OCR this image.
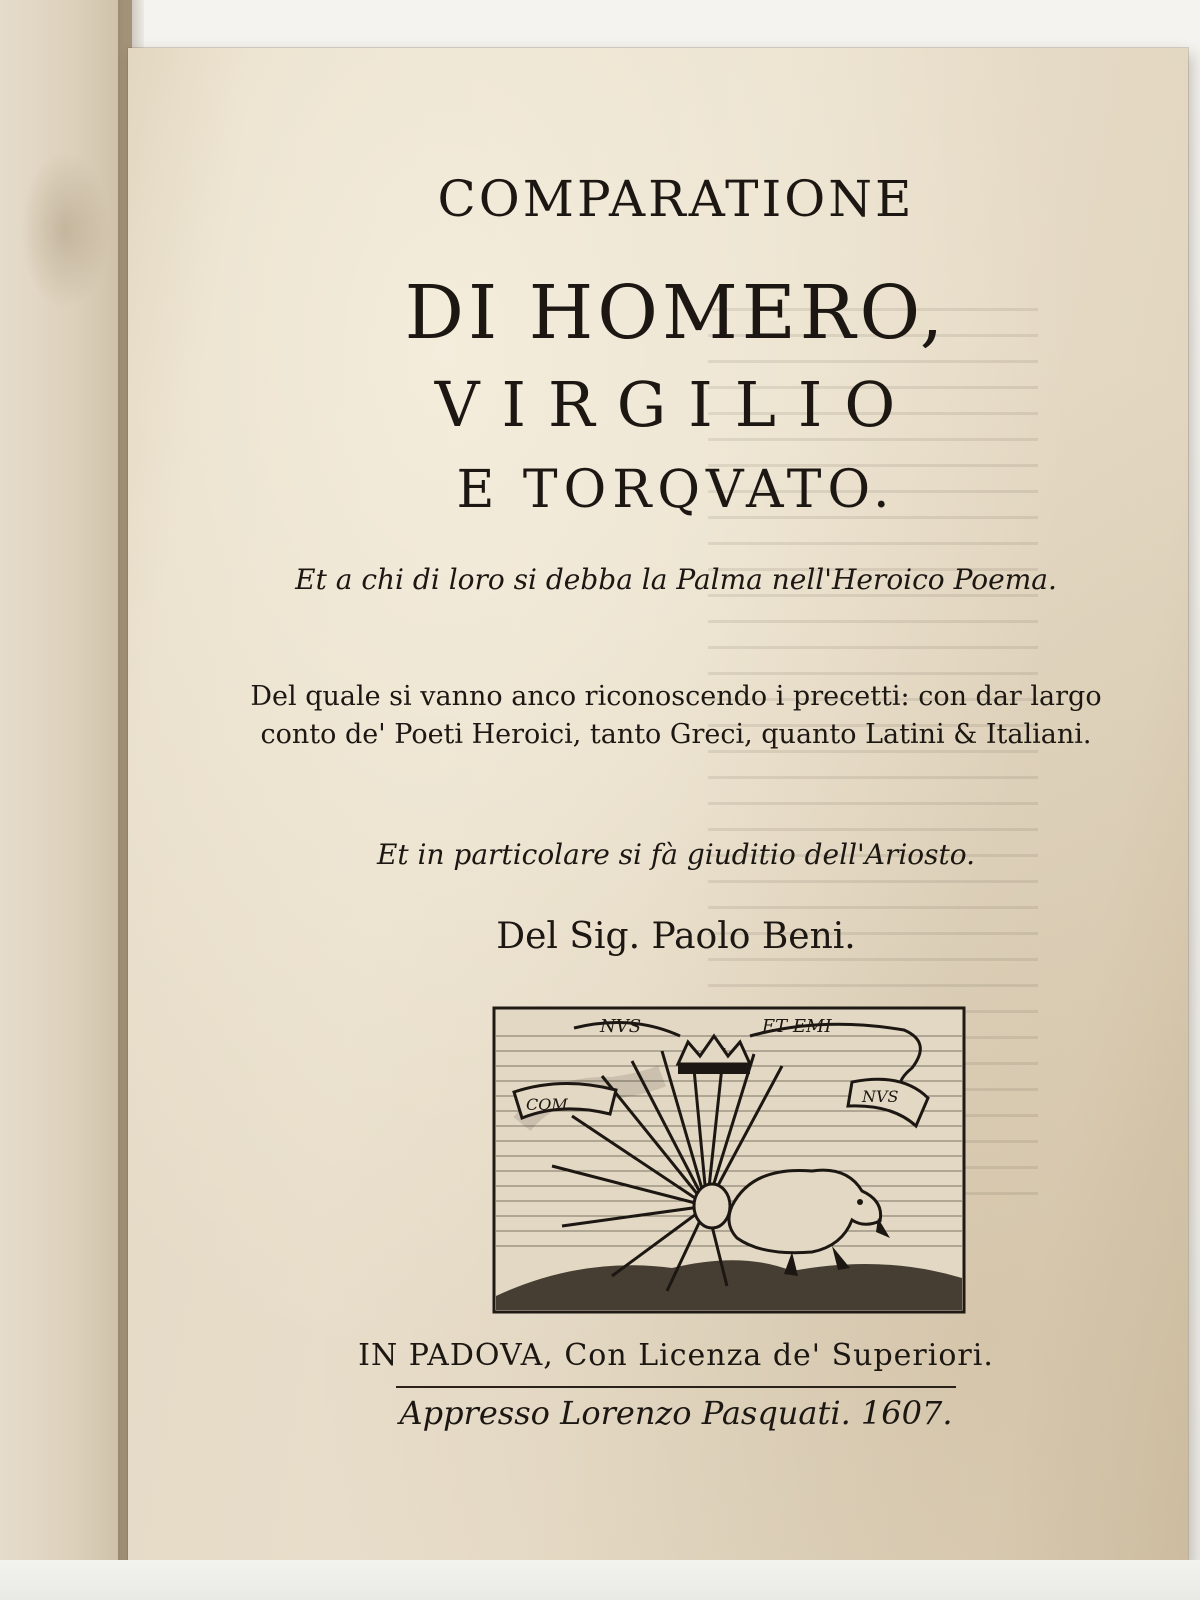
COMPARATIONE
DI HOMERO,
VIRGILIO
E TORQVATO.
Et a chi di loro si debba la Palma nell'Heroico Poema.
Del quale si vanno anco riconoscendo i precetti: con dar largo conto de' Poeti Heroici, tanto Greci, quanto Latini & Italiani.
Et in particolare si fà giuditio dell'Ariosto.
Del Sig. Paolo Beni.
NVS	ET EMI
COM	NVS
IN PADOVA, Con Licenza de' Superiori.
Appresso Lorenzo Pasquati. 1607.
